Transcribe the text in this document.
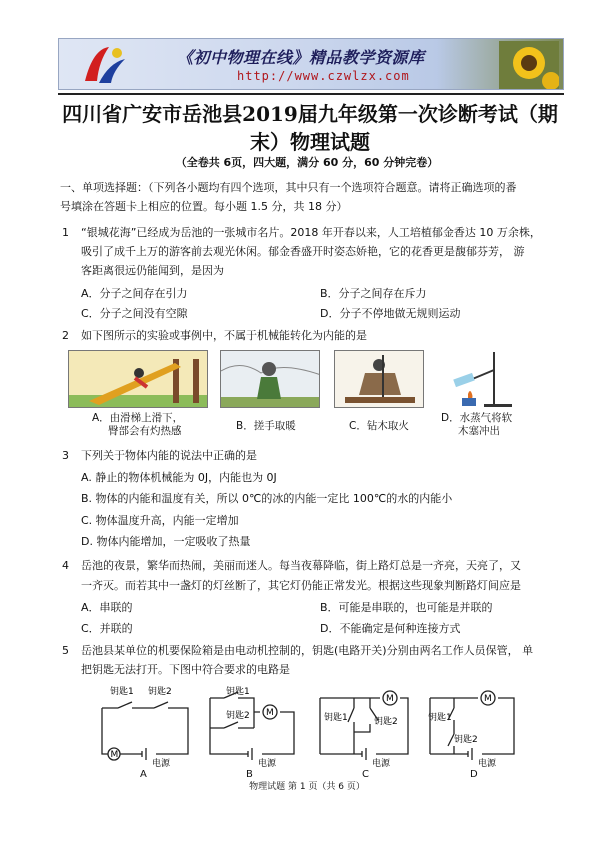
《初中物理在线》精品教学资源库
http://www.czwlzx.com
四川省广安市岳池县2019届九年级第一次诊断考试（期
末）物理试题
（全卷共 6页，四大题，满分 60 分，60 分钟完卷）
一、单项选择题：（下列各小题均有四个选项，其中只有一个选项符合题意。请将正确选项的番
号填涂在答题卡上相应的位置。每小题 1.5 分，共 18 分）
1 “银城花海”已经成为岳池的一张城市名片。2018 年开春以来，人工培植郁金香达 10 万余株，
吸引了成千上万的游客前去观光休闲。郁金香盛开时姿态娇艳，它的花香更是馥郁芬芳， 游
客距离很远仍能闻到，是因为
A．分子之间存在引力	B．分子之间存在斥力
C．分子之间没有空隙	D．分子不停地做无规则运动
2 如下图所示的实验或事例中，不属于机械能转化为内能的是
A．由滑梯上滑下，
臀部会有灼热感	B．搓手取暖	C．钻木取火
D．水蒸气将软
木塞冲出
3 下列关于物体内能的说法中正确的是
A. 静止的物体机械能为 0J，内能也为 0J
B. 物体的内能和温度有关，所以 0℃的冰的内能一定比 100℃的水的内能小
C. 物体温度升高，内能一定增加
D. 物体内能增加，一定吸收了热量
4 岳池的夜景，繁华而热闹，美丽而迷人。每当夜幕降临，街上路灯总是一齐亮，天亮了，又
一齐灭。而若其中一盏灯的灯丝断了，其它灯仍能正常发光。根据这些现象判断路灯间应是
A．串联的	B．可能是串联的，也可能是并联的
C．并联的	D．不能确定是何种连接方式
5 岳池县某单位的机要保险箱是由电动机控制的，钥匙(电路开关)分别由两名工作人员保管， 单
把钥匙无法打开。下图中符合要求的电路是
钥匙1 钥匙2
M
电源
钥匙1
钥匙2 M
电源
钥匙1	钥匙2
M
电源
钥匙1
钥匙2
M
电源
A	B	C	D
物理试题 第 1 页（共 6 页）
